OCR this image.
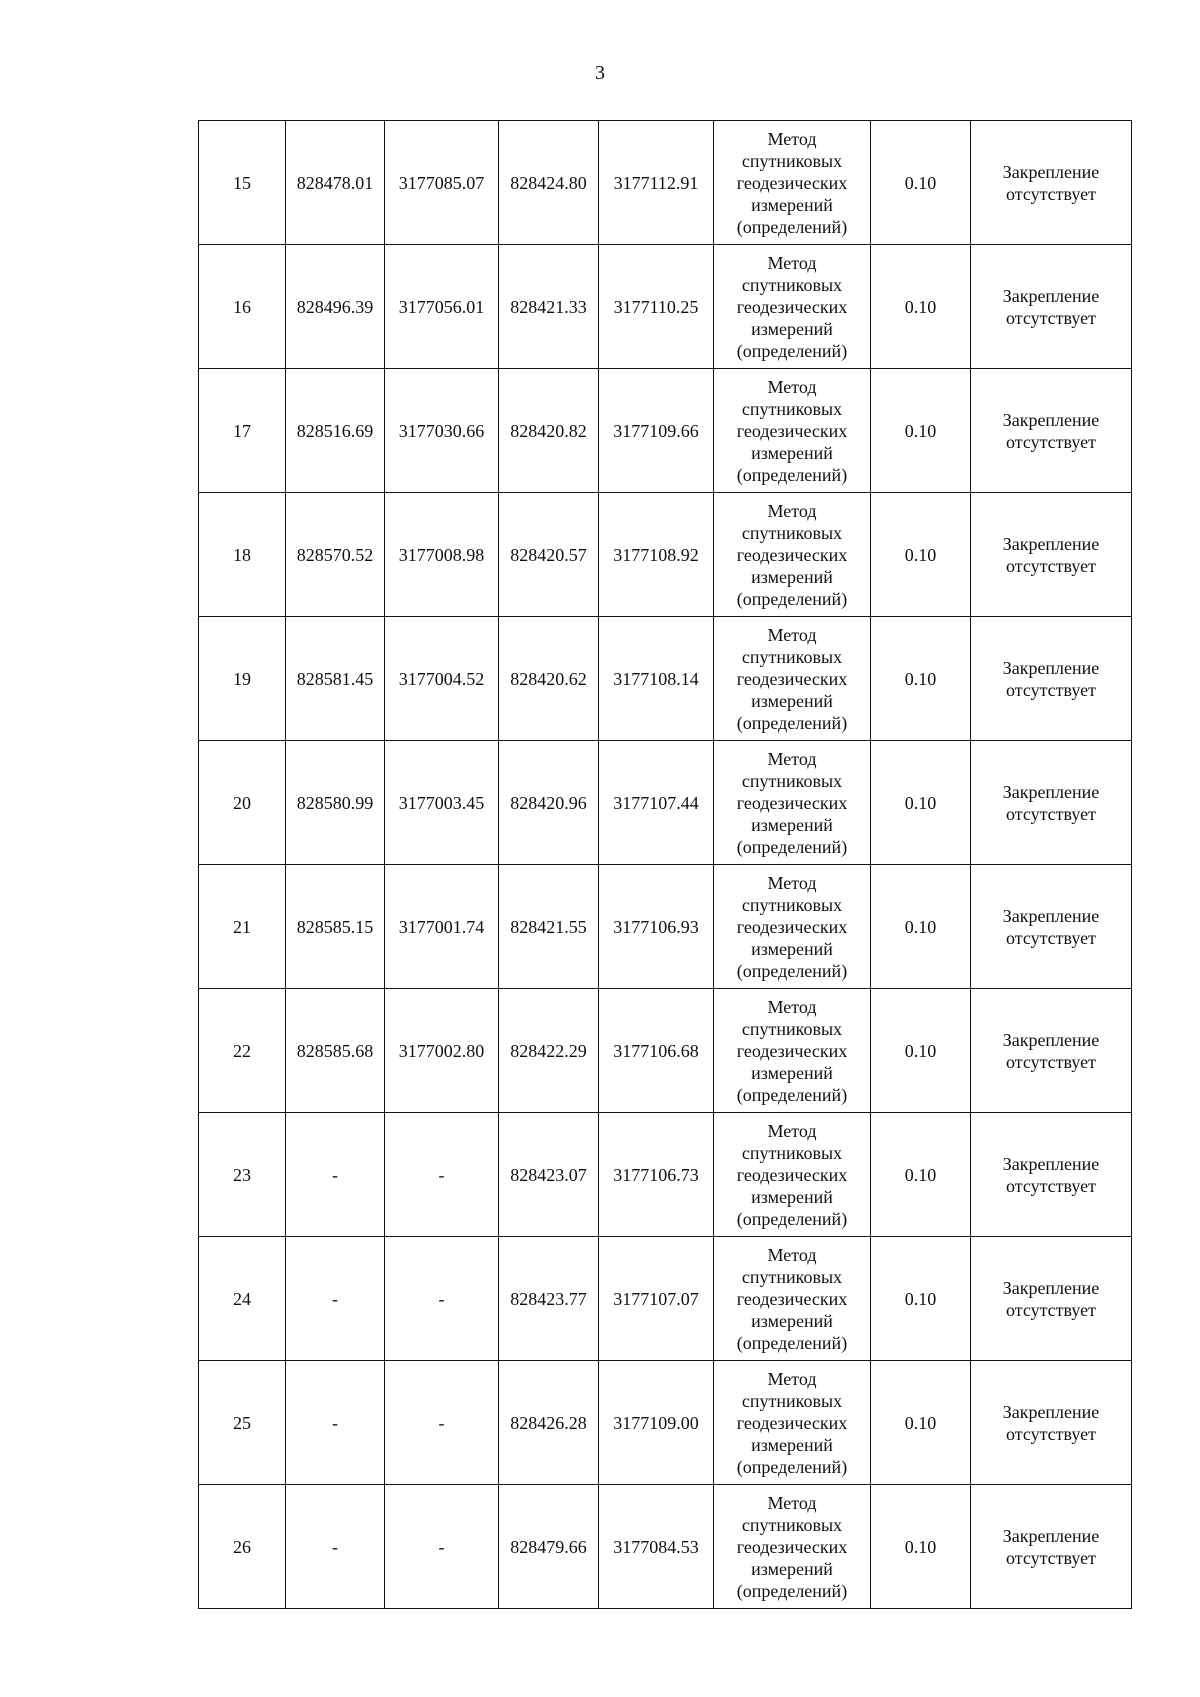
3
15	828478.01	3177085.07	828424.80	3177112.91	Метод спутниковых геодезических измерений (определений)	0.10	Закрепление отсутствует
16	828496.39	3177056.01	828421.33	3177110.25	Метод спутниковых геодезических измерений (определений)	0.10	Закрепление отсутствует
17	828516.69	3177030.66	828420.82	3177109.66	Метод спутниковых геодезических измерений (определений)	0.10	Закрепление отсутствует
18	828570.52	3177008.98	828420.57	3177108.92	Метод спутниковых геодезических измерений (определений)	0.10	Закрепление отсутствует
19	828581.45	3177004.52	828420.62	3177108.14	Метод спутниковых геодезических измерений (определений)	0.10	Закрепление отсутствует
20	828580.99	3177003.45	828420.96	3177107.44	Метод спутниковых геодезических измерений (определений)	0.10	Закрепление отсутствует
21	828585.15	3177001.74	828421.55	3177106.93	Метод спутниковых геодезических измерений (определений)	0.10	Закрепление отсутствует
22	828585.68	3177002.80	828422.29	3177106.68	Метод спутниковых геодезических измерений (определений)	0.10	Закрепление отсутствует
23	-	-	828423.07	3177106.73	Метод спутниковых геодезических измерений (определений)	0.10	Закрепление отсутствует
24	-	-	828423.77	3177107.07	Метод спутниковых геодезических измерений (определений)	0.10	Закрепление отсутствует
25	-	-	828426.28	3177109.00	Метод спутниковых геодезических измерений (определений)	0.10	Закрепление отсутствует
26	-	-	828479.66	3177084.53	Метод спутниковых геодезических измерений (определений)	0.10	Закрепление отсутствует
